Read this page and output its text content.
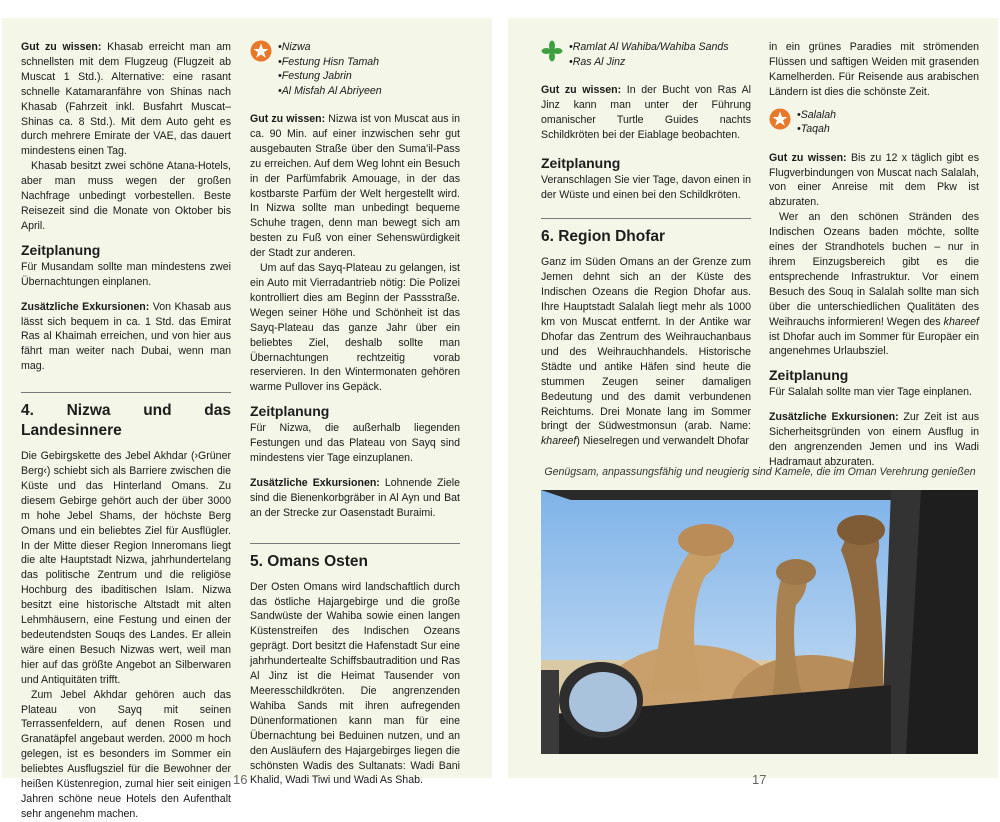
Gut zu wissen: Khasab erreicht man am schnellsten mit dem Flugzeug (Flugzeit ab Muscat 1 Std.). Alternative: eine rasant schnelle Katamaranfähre von Shinas nach Khasab (Fahrzeit inkl. Busfahrt Muscat–Shinas ca. 8 Std.). Mit dem Auto geht es durch mehrere Emirate der VAE, das dauert mindestens einen Tag.

Khasab besitzt zwei schöne Atana-Hotels, aber man muss wegen der großen Nachfrage unbedingt vorbestellen. Beste Reisezeit sind die Monate von Oktober bis April.

Zeitplanung

Für Musandam sollte man mindestens zwei Übernachtungen einplanen.

Zusätzliche Exkursionen: Von Khasab aus lässt sich bequem in ca. 1 Std. das Emirat Ras al Khaimah erreichen, und von hier aus fährt man weiter nach Dubai, wenn man mag.

4. Nizwa und das Landesinnere

Die Gebirgskette des Jebel Akhdar (›Grüner Berg‹) schiebt sich als Barriere zwischen die Küste und das Hinterland Omans. Zu diesem Gebirge gehört auch der über 3000 m hohe Jebel Shams, der höchste Berg Omans und ein beliebtes Ziel für Ausflügler. In der Mitte dieser Region Inneromans liegt die alte Hauptstadt Nizwa, jahrhundertelang das politische Zentrum und die religiöse Hochburg des ibaditischen Islam. Nizwa besitzt eine historische Altstadt mit alten Lehmhäusern, eine Festung und einen der bedeutendsten Souqs des Landes. Er allein wäre einen Besuch Nizwas wert, weil man hier auf das größte Angebot an Silberwaren und Antiquitäten trifft.

Zum Jebel Akhdar gehören auch das Plateau von Sayq mit seinen Terrassenfeldern, auf denen Rosen und Granatäpfel angebaut werden. 2000 m hoch gelegen, ist es besonders im Sommer ein beliebtes Ausflugsziel für die Bewohner der heißen Küstenregion, zumal hier seit einigen Jahren schöne neue Hotels den Aufenthalt sehr angenehm machen.

• Nizwa
• Festung Hisn Tamah
• Festung Jabrin
• Al Misfah Al Abriyeen

Gut zu wissen: Nizwa ist von Muscat aus in ca. 90 Min. auf einer inzwischen sehr gut ausgebauten Straße über den Suma'il-Pass zu erreichen. Auf dem Weg lohnt ein Besuch in der Parfümfabrik Amouage, in der das kostbarste Parfüm der Welt hergestellt wird. In Nizwa sollte man unbedingt bequeme Schuhe tragen, denn man bewegt sich am besten zu Fuß von einer Sehenswürdigkeit der Stadt zur anderen.

Um auf das Sayq-Plateau zu gelangen, ist ein Auto mit Vierradantrieb nötig: Die Polizei kontrolliert dies am Beginn der Passstraße. Wegen seiner Höhe und Schönheit ist das Sayq-Plateau das ganze Jahr über ein beliebtes Ziel, deshalb sollte man Übernachtungen rechtzeitig vorab reservieren. In den Wintermonaten gehören warme Pullover ins Gepäck.

Zeitplanung

Für Nizwa, die außerhalb liegenden Festungen und das Plateau von Sayq sind mindestens vier Tage einzuplanen.

Zusätzliche Exkursionen: Lohnende Ziele sind die Bienenkorbgräber in Al Ayn und Bat an der Strecke zur Oasenstadt Buraimi.

5. Omans Osten

Der Osten Omans wird landschaftlich durch das östliche Hajargebirge und die große Sandwüste der Wahiba sowie einen langen Küstenstreifen des Indischen Ozeans geprägt. Dort besitzt die Hafenstadt Sur eine jahrhundertealte Schiffsbautradition und Ras Al Jinz ist die Heimat Tausender von Meeresschildkröten. Die angrenzenden Wahiba Sands mit ihren aufregenden Dünenformationen kann man für eine Übernachtung bei Beduinen nutzen, und an den Ausläufern des Hajargebirges liegen die schönsten Wadis des Sultanats: Wadi Bani Khalid, Wadi Tiwi und Wadi As Shab.

• Ramlat Al Wahiba/Wahiba Sands
• Ras Al Jinz

Gut zu wissen: In der Bucht von Ras Al Jinz kann man unter der Führung omanischer Turtle Guides nachts Schildkröten bei der Eiablage beobachten.

Zeitplanung

Veranschlagen Sie vier Tage, davon einen in der Wüste und einen bei den Schildkröten.

6. Region Dhofar

Ganz im Süden Omans an der Grenze zum Jemen dehnt sich an der Küste des Indischen Ozeans die Region Dhofar aus. Ihre Hauptstadt Salalah liegt mehr als 1000 km von Muscat entfernt. In der Antike war Dhofar das Zentrum des Weihrauchanbaus und des Weihrauchhandels. Historische Städte und antike Häfen sind heute die stummen Zeugen seiner damaligen Bedeutung und des damit verbundenen Reichtums. Drei Monate lang im Sommer bringt der Südwestmonsun (arab. Name: khareef) Nieselregen und verwandelt Dhofar

in ein grünes Paradies mit strömenden Flüssen und saftigen Weiden mit grasenden Kamelherden. Für Reisende aus arabischen Ländern ist dies die schönste Zeit.

• Salalah
• Taqah

Gut zu wissen: Bis zu 12 x täglich gibt es Flugverbindungen von Muscat nach Salalah, von einer Anreise mit dem Pkw ist abzuraten.

Wer an den schönen Stränden des Indischen Ozeans baden möchte, sollte eines der Strandhotels buchen – nur in ihrem Einzugsbereich gibt es die entsprechende Infrastruktur. Vor einem Besuch des Souq in Salalah sollte man sich über die unterschiedlichen Qualitäten des Weihrauchs informieren! Wegen des khareef ist Dhofar auch im Sommer für Europäer ein angenehmes Urlaubsziel.

Zeitplanung

Für Salalah sollte man vier Tage einplanen.

Zusätzliche Exkursionen: Zur Zeit ist aus Sicherheitsgründen von einem Ausflug in den angrenzenden Jemen und ins Wadi Hadramaut abzuraten.

Genügsam, anpassungsfähig und neugierig sind Kamele, die im Oman Verehrung genießen
16	17
